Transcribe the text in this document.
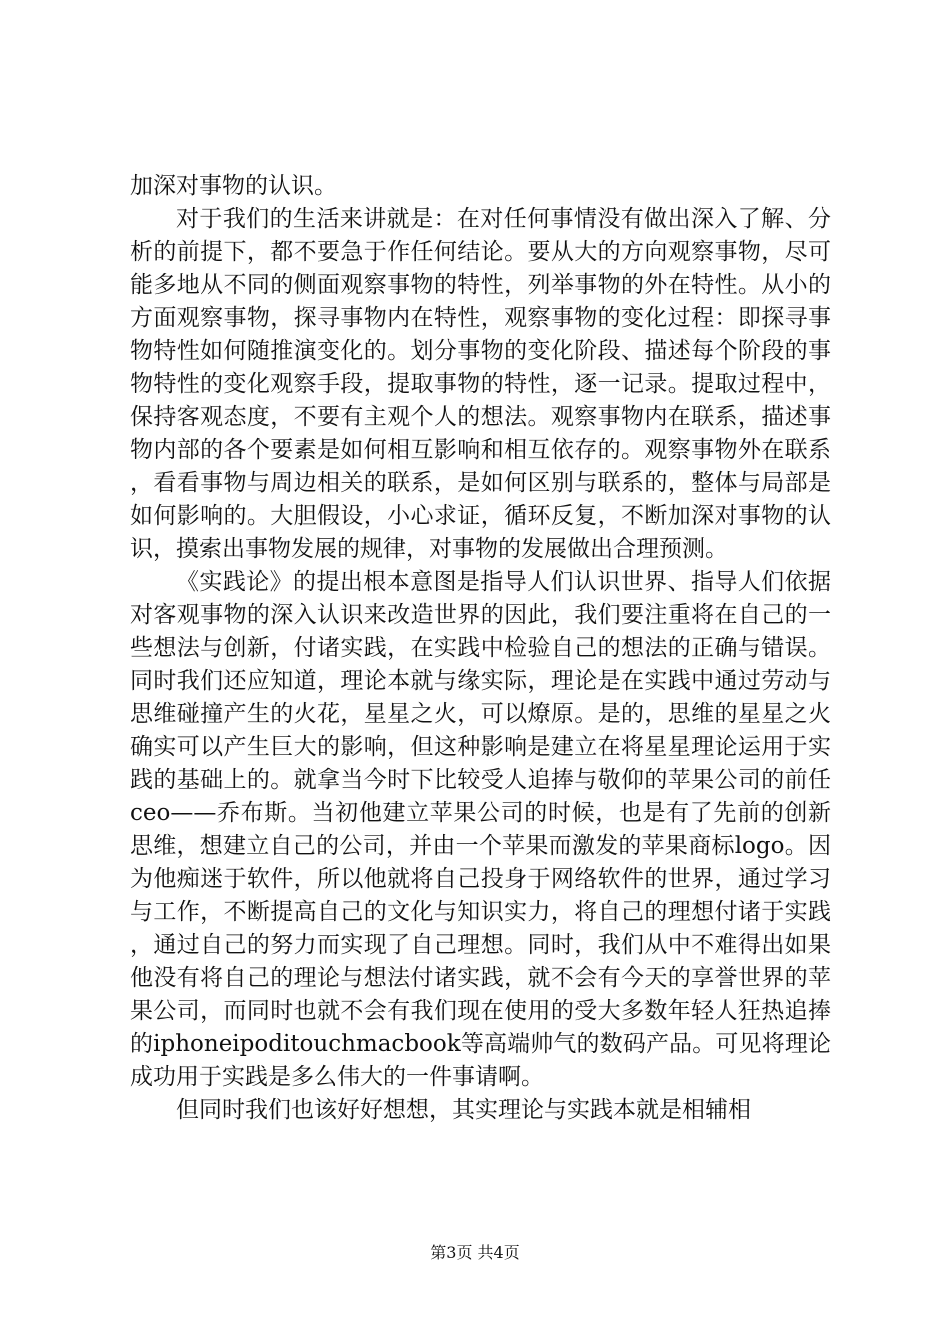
加深对事物的认识。

对于我们的生活来讲就是：在对任何事情没有做出深入了解、分析的前提下，都不要急于作任何结论。要从大的方向观察事物，尽可能多地从不同的侧面观察事物的特性，列举事物的外在特性。从小的方面观察事物，探寻事物内在特性，观察事物的变化过程：即探寻事物特性如何随推演变化的。划分事物的变化阶段、描述每个阶段的事物特性的变化观察手段，提取事物的特性，逐一记录。提取过程中，保持客观态度，不要有主观个人的想法。观察事物内在联系，描述事物内部的各个要素是如何相互影响和相互依存的。观察事物外在联系，看看事物与周边相关的联系，是如何区别与联系的，整体与局部是如何影响的。大胆假设，小心求证，循环反复，不断加深对事物的认识，摸索出事物发展的规律，对事物的发展做出合理预测。

《实践论》的提出根本意图是指导人们认识世界、指导人们依据对客观事物的深入认识来改造世界的因此，我们要注重将在自己的一些想法与创新，付诸实践，在实践中检验自己的想法的正确与错误。同时我们还应知道，理论本就与缘实际，理论是在实践中通过劳动与思维碰撞产生的火花，星星之火，可以燎原。是的，思维的星星之火确实可以产生巨大的影响，但这种影响是建立在将星星理论运用于实践的基础上的。就拿当今时下比较受人追捧与敬仰的苹果公司的前任ceo——乔布斯。当初他建立苹果公司的时候，也是有了先前的创新思维，想建立自己的公司，并由一个苹果而激发的苹果商标logo。因为他痴迷于软件，所以他就将自己投身于网络软件的世界，通过学习与工作，不断提高自己的文化与知识实力，将自己的理想付诸于实践，通过自己的努力而实现了自己理想。同时，我们从中不难得出如果他没有将自己的理论与想法付诸实践，就不会有今天的享誉世界的苹果公司，而同时也就不会有我们现在使用的受大多数年轻人狂热追捧的iphoneipoditouchmacbook等高端帅气的数码产品。可见将理论成功用于实践是多么伟大的一件事请啊。

但同时我们也该好好想想，其实理论与实践本就是相辅相

第3页 共4页
